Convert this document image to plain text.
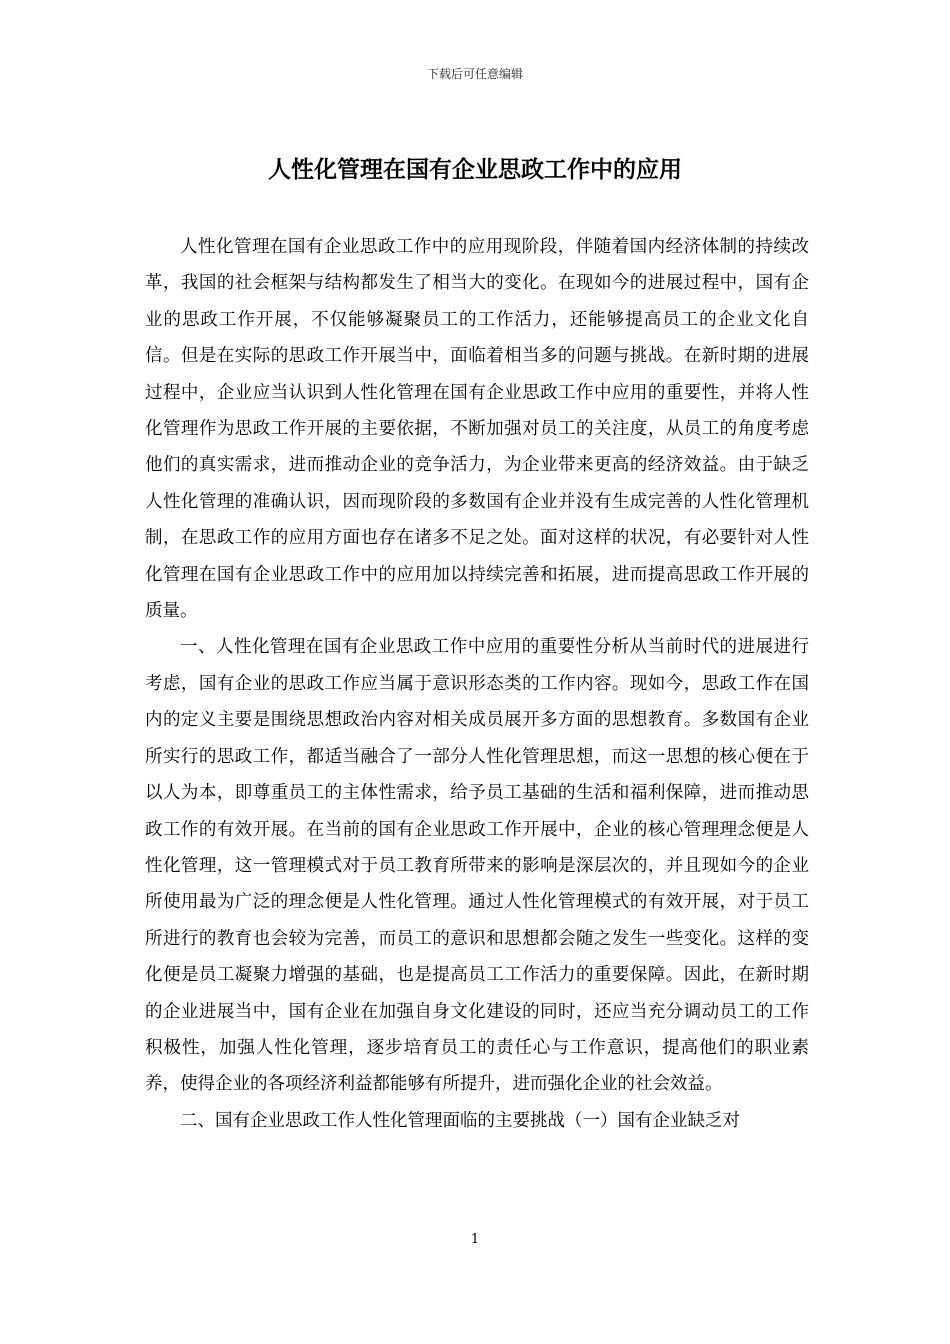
下载后可任意编辑
人性化管理在国有企业思政工作中的应用

人性化管理在国有企业思政工作中的应用现阶段，伴随着国内经济体制的持续改革，我国的社会框架与结构都发生了相当大的变化。在现如今的进展过程中，国有企业的思政工作开展，不仅能够凝聚员工的工作活力，还能够提高员工的企业文化自信。但是在实际的思政工作开展当中，面临着相当多的问题与挑战。在新时期的进展过程中，企业应当认识到人性化管理在国有企业思政工作中应用的重要性，并将人性化管理作为思政工作开展的主要依据，不断加强对员工的关注度，从员工的角度考虑他们的真实需求，进而推动企业的竞争活力，为企业带来更高的经济效益。由于缺乏人性化管理的准确认识，因而现阶段的多数国有企业并没有生成完善的人性化管理机制，在思政工作的应用方面也存在诸多不足之处。面对这样的状况，有必要针对人性化管理在国有企业思政工作中的应用加以持续完善和拓展，进而提高思政工作开展的质量。

一、人性化管理在国有企业思政工作中应用的重要性分析从当前时代的进展进行考虑，国有企业的思政工作应当属于意识形态类的工作内容。现如今，思政工作在国内的定义主要是围绕思想政治内容对相关成员展开多方面的思想教育。多数国有企业所实行的思政工作，都适当融合了一部分人性化管理思想，而这一思想的核心便在于以人为本，即尊重员工的主体性需求，给予员工基础的生活和福利保障，进而推动思政工作的有效开展。在当前的国有企业思政工作开展中，企业的核心管理理念便是人性化管理，这一管理模式对于员工教育所带来的影响是深层次的，并且现如今的企业所使用最为广泛的理念便是人性化管理。通过人性化管理模式的有效开展，对于员工所进行的教育也会较为完善，而员工的意识和思想都会随之发生一些变化。这样的变化便是员工凝聚力增强的基础，也是提高员工工作活力的重要保障。因此，在新时期的企业进展当中，国有企业在加强自身文化建设的同时，还应当充分调动员工的工作积极性，加强人性化管理，逐步培育员工的责任心与工作意识，提高他们的职业素养，使得企业的各项经济利益都能够有所提升，进而强化企业的社会效益。

二、国有企业思政工作人性化管理面临的主要挑战（一）国有企业缺乏对

1
